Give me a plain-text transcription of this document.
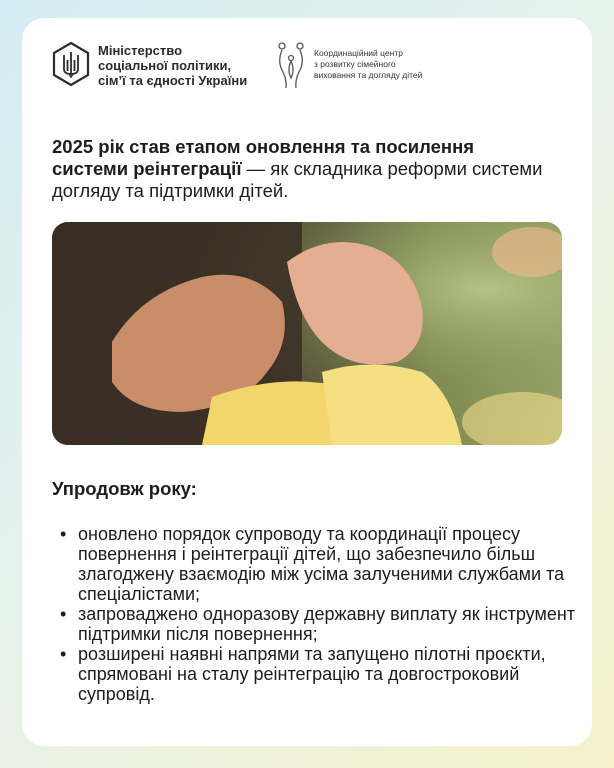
Міністерство
соціальної політики,
сім’ї та єдності України
Координаційний центр
з розвитку сімейного
виховання та догляду дітей
2025 рік став етапом оновлення та посилення системи реінтеграції — як складника реформи системи догляду та підтримки дітей.
Упродовж року:
• оновлено порядок супроводу та координації процесу повернення і реінтеграції дітей, що забезпечило більш злагоджену взаємодію між усіма залученими службами та спеціалістами;
• запроваджено одноразову державну виплату як інструмент підтримки після повернення;
• розширені наявні напрями та запущено пілотні проєкти, спрямовані на сталу реінтеграцію та довгостроковий супровід.
